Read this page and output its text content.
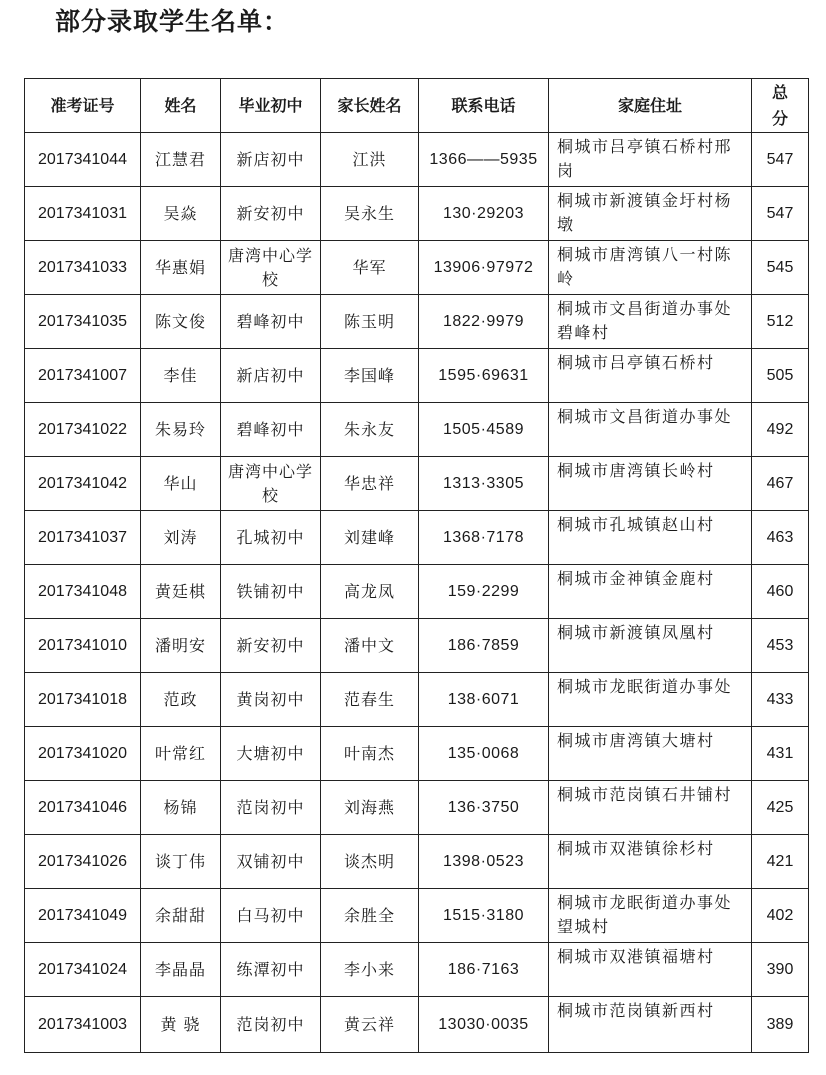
部分录取学生名单：
准考证号	姓名	毕业初中	家长姓名	联系电话	家庭住址	总分
2017341044	江慧君	新店初中	江洪	1366――5935	桐城市吕亭镇石桥村邢岗	547
2017341031	吴焱	新安初中	吴永生	130·29203	桐城市新渡镇金圩村杨墩	547
2017341033	华惠娟	唐湾中心学校	华军	13906·97972	桐城市唐湾镇八一村陈岭	545
2017341035	陈文俊	碧峰初中	陈玉明	1822·9979	桐城市文昌街道办事处碧峰村	512
2017341007	李佳	新店初中	李国峰	1595·69631	桐城市吕亭镇石桥村	505
2017341022	朱易玲	碧峰初中	朱永友	1505·4589	桐城市文昌街道办事处	492
2017341042	华山	唐湾中心学校	华忠祥	1313·3305	桐城市唐湾镇长岭村	467
2017341037	刘涛	孔城初中	刘建峰	1368·7178	桐城市孔城镇赵山村	463
2017341048	黄廷棋	铁铺初中	高龙凤	159·2299	桐城市金神镇金鹿村	460
2017341010	潘明安	新安初中	潘中文	186·7859	桐城市新渡镇凤凰村	453
2017341018	范政	黄岗初中	范春生	138·6071	桐城市龙眠街道办事处	433
2017341020	叶常红	大塘初中	叶南杰	135·0068	桐城市唐湾镇大塘村	431
2017341046	杨锦	范岗初中	刘海燕	136·3750	桐城市范岗镇石井铺村	425
2017341026	谈丁伟	双铺初中	谈杰明	1398·0523	桐城市双港镇徐杉村	421
2017341049	余甜甜	白马初中	余胜全	1515·3180	桐城市龙眠街道办事处望城村	402
2017341024	李晶晶	练潭初中	李小来	186·7163	桐城市双港镇福塘村	390
2017341003	黄 骁	范岗初中	黄云祥	13030·0035	桐城市范岗镇新西村	389
